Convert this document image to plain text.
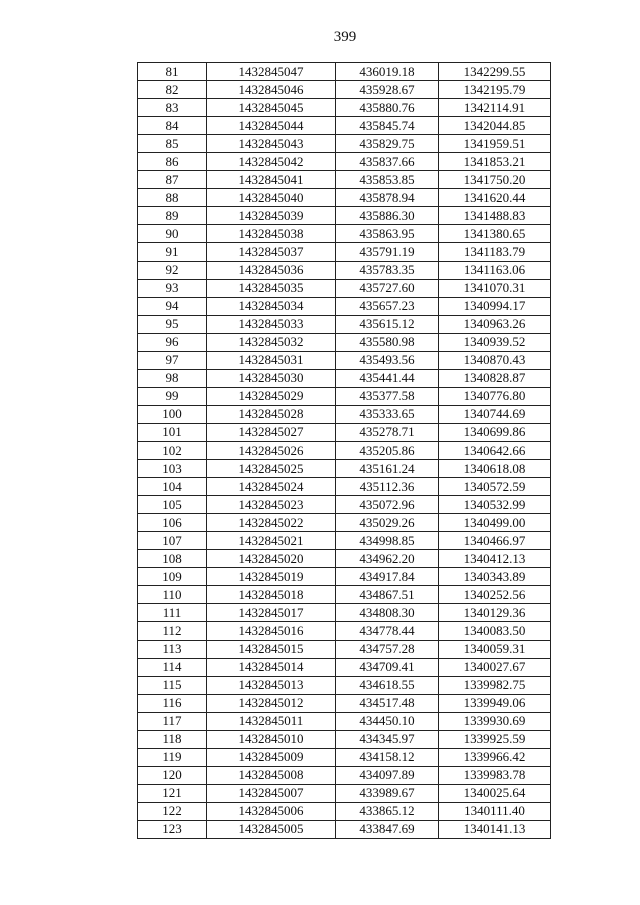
399
81	1432845047	436019.18	1342299.55
82	1432845046	435928.67	1342195.79
83	1432845045	435880.76	1342114.91
84	1432845044	435845.74	1342044.85
85	1432845043	435829.75	1341959.51
86	1432845042	435837.66	1341853.21
87	1432845041	435853.85	1341750.20
88	1432845040	435878.94	1341620.44
89	1432845039	435886.30	1341488.83
90	1432845038	435863.95	1341380.65
91	1432845037	435791.19	1341183.79
92	1432845036	435783.35	1341163.06
93	1432845035	435727.60	1341070.31
94	1432845034	435657.23	1340994.17
95	1432845033	435615.12	1340963.26
96	1432845032	435580.98	1340939.52
97	1432845031	435493.56	1340870.43
98	1432845030	435441.44	1340828.87
99	1432845029	435377.58	1340776.80
100	1432845028	435333.65	1340744.69
101	1432845027	435278.71	1340699.86
102	1432845026	435205.86	1340642.66
103	1432845025	435161.24	1340618.08
104	1432845024	435112.36	1340572.59
105	1432845023	435072.96	1340532.99
106	1432845022	435029.26	1340499.00
107	1432845021	434998.85	1340466.97
108	1432845020	434962.20	1340412.13
109	1432845019	434917.84	1340343.89
110	1432845018	434867.51	1340252.56
111	1432845017	434808.30	1340129.36
112	1432845016	434778.44	1340083.50
113	1432845015	434757.28	1340059.31
114	1432845014	434709.41	1340027.67
115	1432845013	434618.55	1339982.75
116	1432845012	434517.48	1339949.06
117	1432845011	434450.10	1339930.69
118	1432845010	434345.97	1339925.59
119	1432845009	434158.12	1339966.42
120	1432845008	434097.89	1339983.78
121	1432845007	433989.67	1340025.64
122	1432845006	433865.12	1340111.40
123	1432845005	433847.69	1340141.13
